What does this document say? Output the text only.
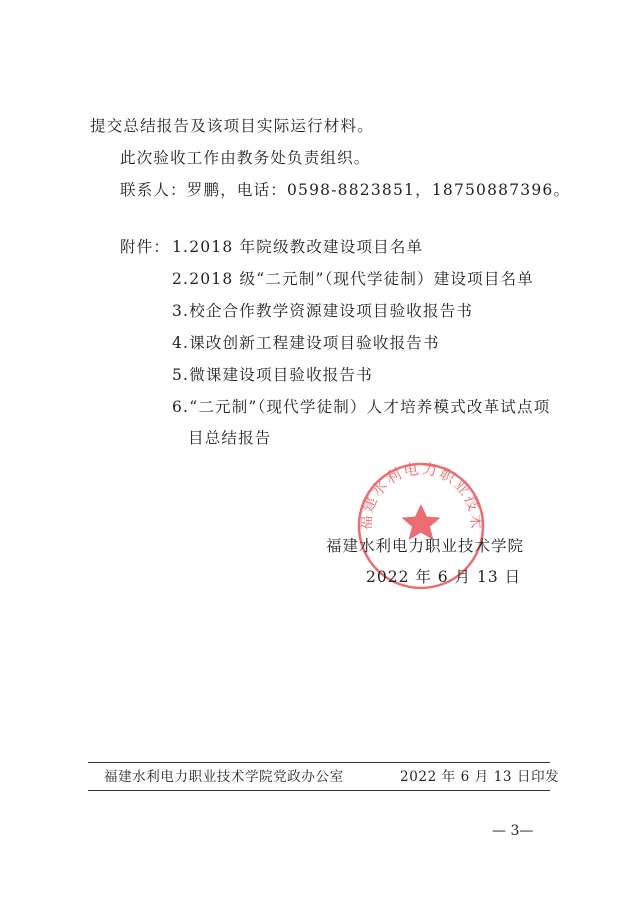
提交总结报告及该项目实际运行材料。
此次验收工作由教务处负责组织。
联系人：罗鹏，电话：0598-8823851，18750887396。
附件： 1.2018 年院级教改建设项目名单
2.2018 级“二元制”（现代学徒制）建设项目名单
3.校企合作教学资源建设项目验收报告书
4.课改创新工程建设项目验收报告书
5.微课建设项目验收报告书
6.“二元制”（现代学徒制）人才培养模式改革试点项
目总结报告
福建水利电力职业技术
福建水利电力职业技术学院
2022 年 6 月 13 日
福建水利电力职业技术学院党政办公室	2022 年 6 月 13 日印发
— 3—
